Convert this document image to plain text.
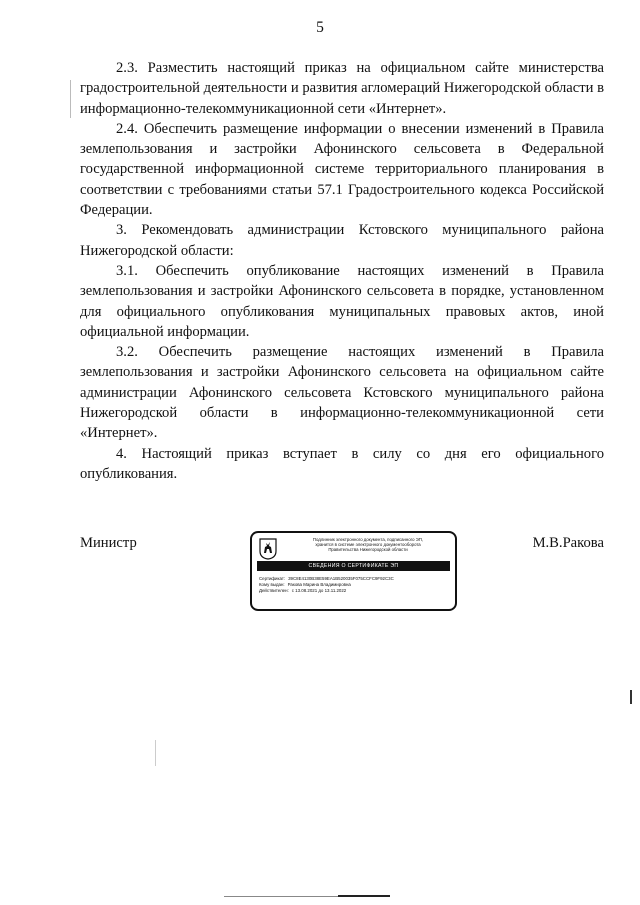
5

2.3. Разместить настоящий приказ на официальном сайте министерства градостроительной деятельности и развития агломераций Нижегородской области в информационно-телекоммуникационной сети «Интернет».

2.4. Обеспечить размещение информации о внесении изменений в Правила землепользования и застройки Афонинского сельсовета в Федеральной государственной информационной системе территориального планирования в соответствии с требованиями статьи 57.1 Градостроительного кодекса Российской Федерации.

3. Рекомендовать администрации Кстовского муниципального района Нижегородской области:

3.1. Обеспечить опубликование настоящих изменений в Правила землепользования и застройки Афонинского сельсовета в порядке, установленном для официального опубликования муниципальных правовых актов, иной официальной информации.

3.2. Обеспечить размещение настоящих изменений в Правила землепользования и застройки Афонинского сельсовета на официальном сайте администрации Афонинского сельсовета Кстовского муниципального района Нижегородской области в информационно-телекоммуникационной сети «Интернет».

4. Настоящий приказ вступает в силу со дня его официального опубликования.

Министр	Подлинник электронного документа, подписанного ЭП,
хранится в системе электронного документооборота
Правительства Нижегородской области
СВЕДЕНИЯ О СЕРТИФИКАТЕ ЭП
Сертификат: 39C8E4130B38E59EA1B520035F075CCFC9F92C3C
Кому выдан: Ракова Марина Владимировна
Действителен: с 13.08.2021 до 13.11.2022
М.В.Ракова
